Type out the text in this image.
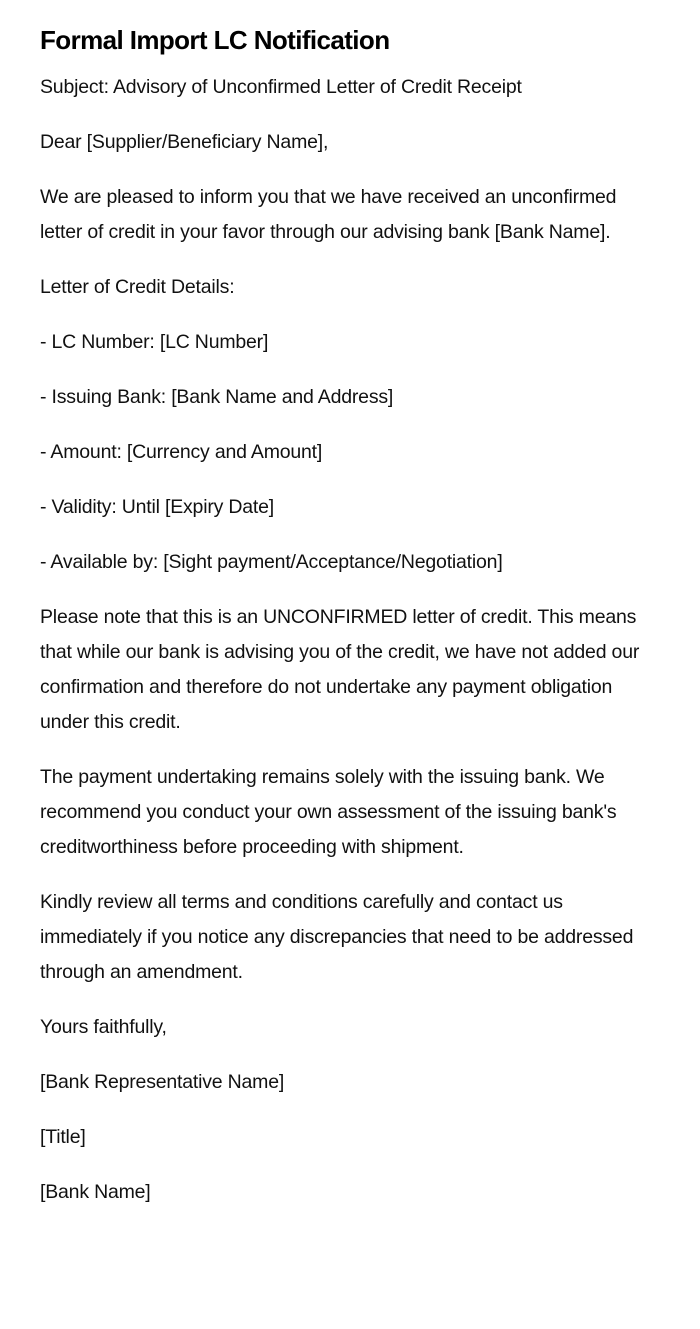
Formal Import LC Notification

Subject: Advisory of Unconfirmed Letter of Credit Receipt

Dear [Supplier/Beneficiary Name],

We are pleased to inform you that we have received an unconfirmed letter of credit in your favor through our advising bank [Bank Name].

Letter of Credit Details:

- LC Number: [LC Number]

- Issuing Bank: [Bank Name and Address]

- Amount: [Currency and Amount]

- Validity: Until [Expiry Date]

- Available by: [Sight payment/Acceptance/Negotiation]

Please note that this is an UNCONFIRMED letter of credit. This means that while our bank is advising you of the credit, we have not added our confirmation and therefore do not undertake any payment obligation under this credit.

The payment undertaking remains solely with the issuing bank. We recommend you conduct your own assessment of the issuing bank's creditworthiness before proceeding with shipment.

Kindly review all terms and conditions carefully and contact us immediately if you notice any discrepancies that need to be addressed through an amendment.

Yours faithfully,

[Bank Representative Name]

[Title]

[Bank Name]
